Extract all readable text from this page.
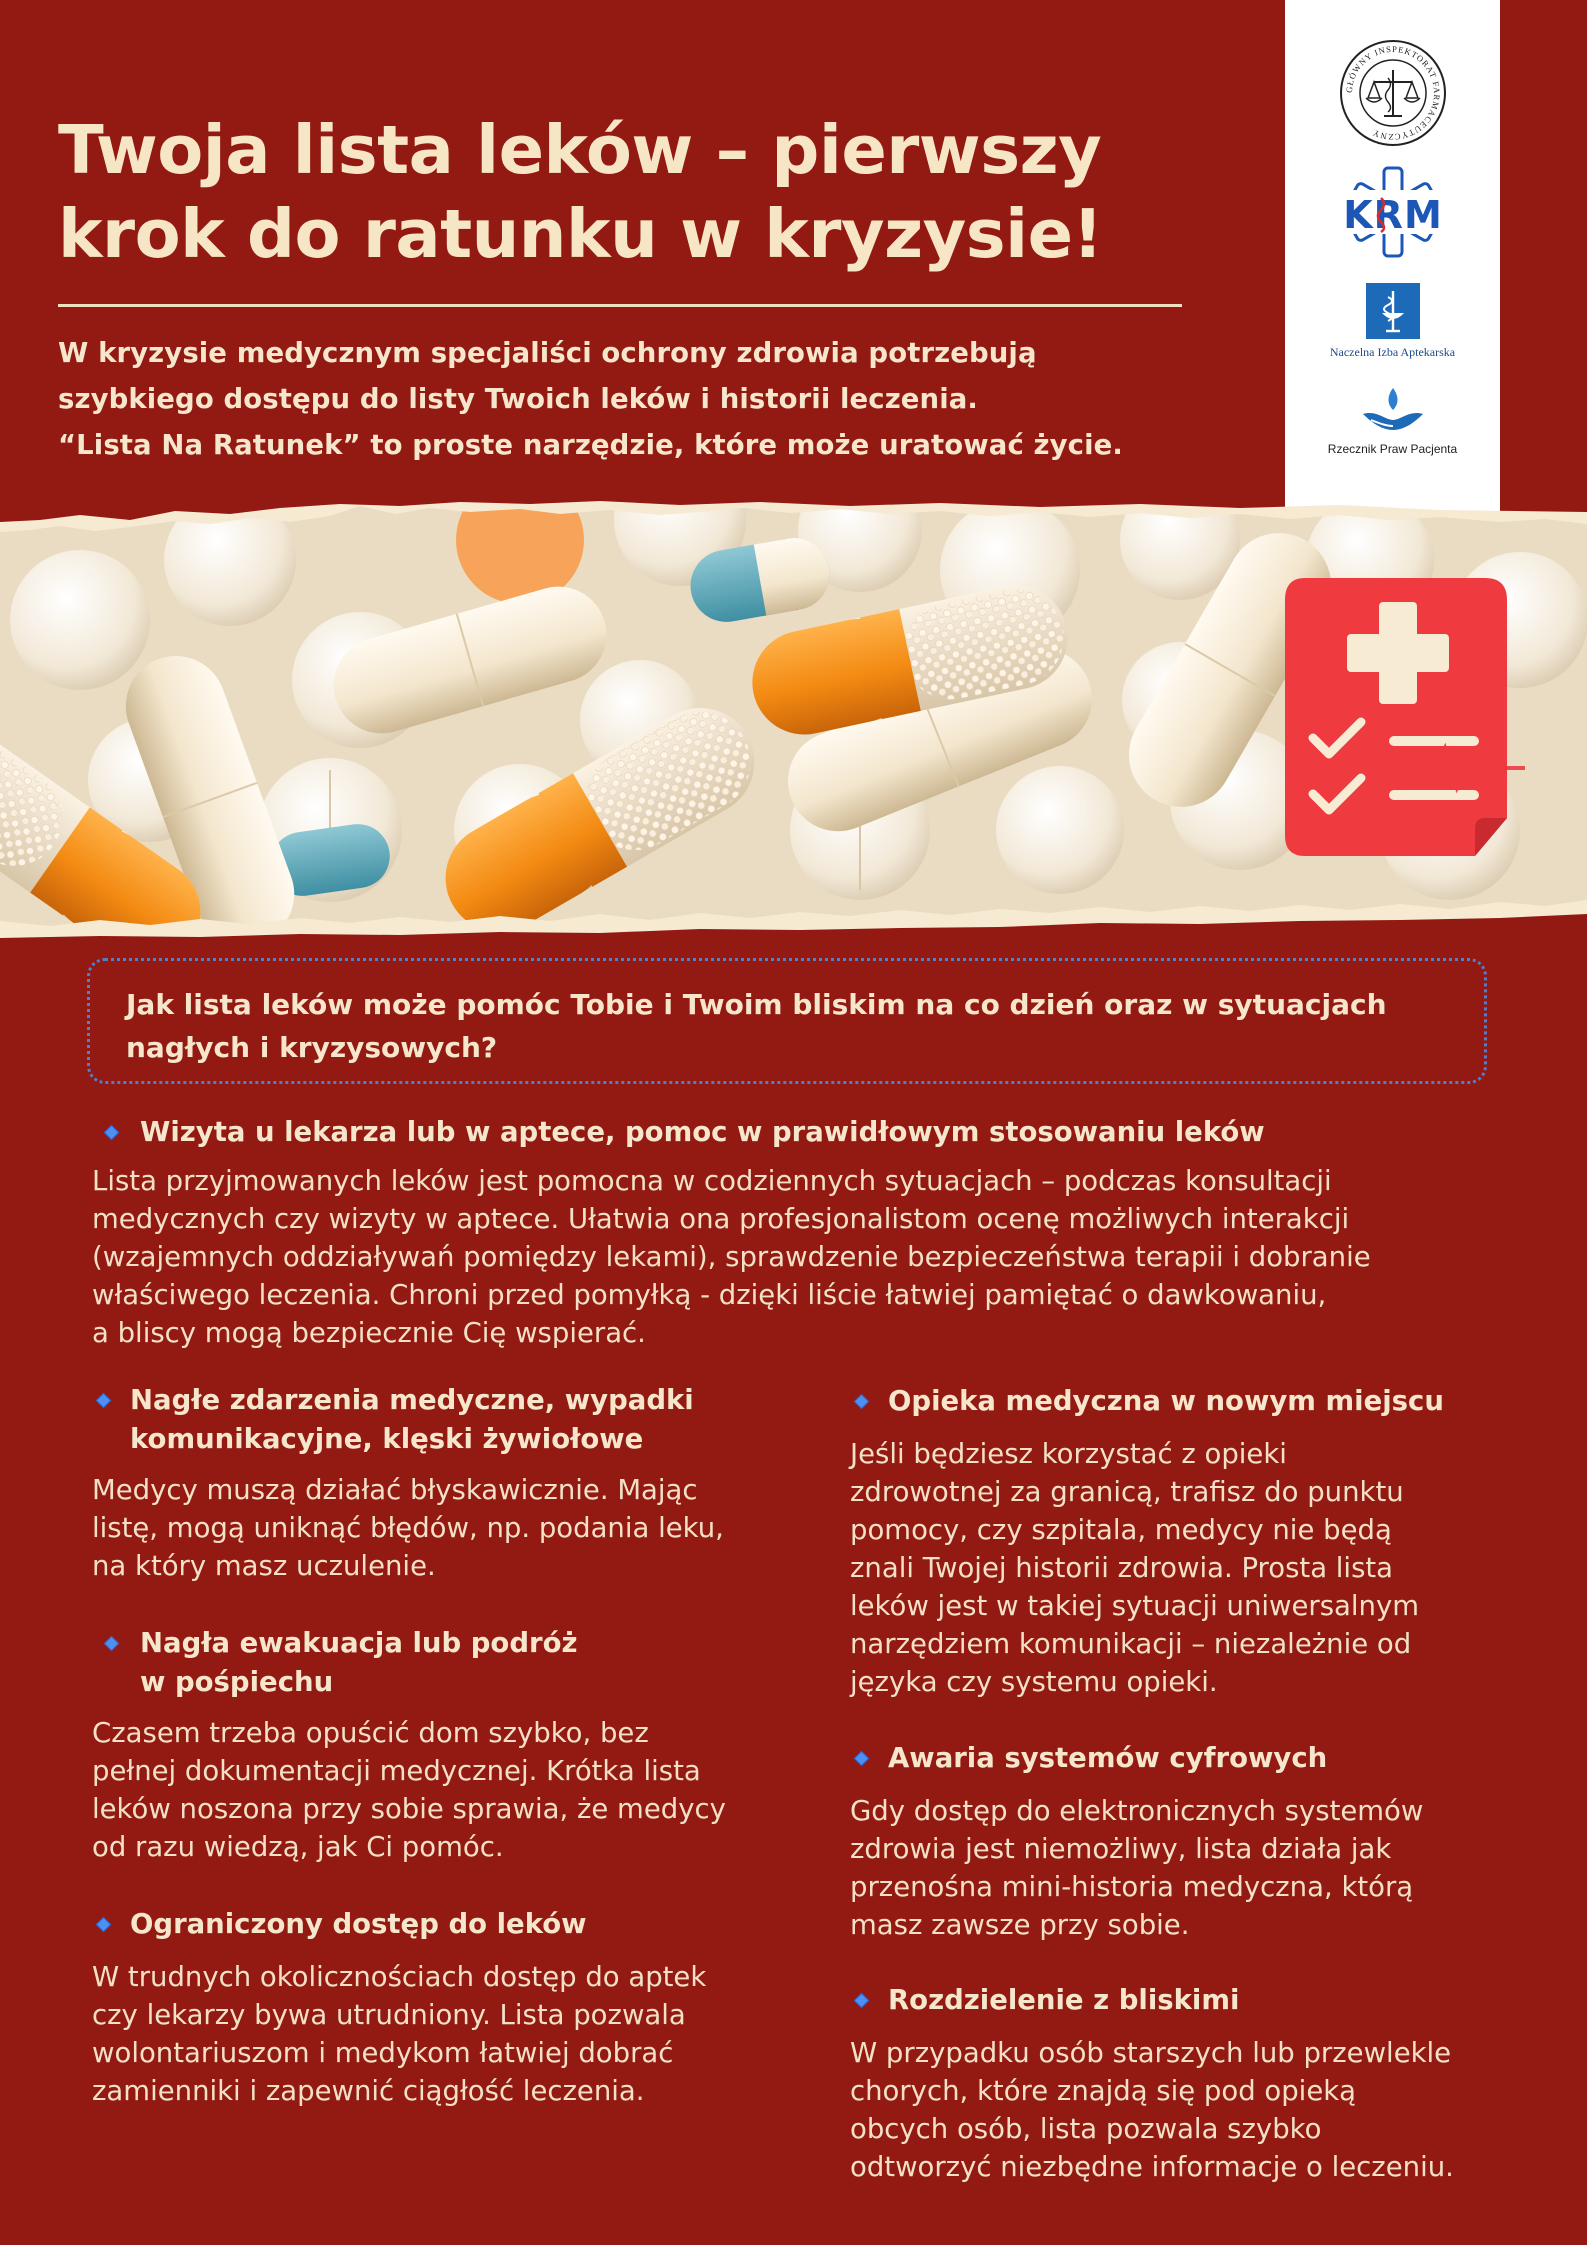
Twoja lista leków – pierwszy
krok do ratunku w kryzysie!

W kryzysie medycznym specjaliści ochrony zdrowia potrzebują
szybkiego dostępu do listy Twoich leków i historii leczenia.
“Lista Na Ratunek” to proste narzędzie, które może uratować życie.

GŁÓWNY INSPEKTORAT FARMACEUTYCZNY
KRM
Naczelna Izba Aptekarska
Rzecznik Praw Pacjenta

Jak lista leków może pomóc Tobie i Twoim bliskim na co dzień oraz w sytuacjach
nagłych i kryzysowych?

Wizyta u lekarza lub w aptece, pomoc w prawidłowym stosowaniu leków

Lista przyjmowanych leków jest pomocna w codziennych sytuacjach – podczas konsultacji
medycznych czy wizyty w aptece. Ułatwia ona profesjonalistom ocenę możliwych interakcji
(wzajemnych oddziaływań pomiędzy lekami), sprawdzenie bezpieczeństwa terapii i dobranie
właściwego leczenia. Chroni przed pomyłką - dzięki liście łatwiej pamiętać o dawkowaniu,
a bliscy mogą bezpiecznie Cię wspierać.

Nagłe zdarzenia medyczne, wypadki
komunikacyjne, klęski żywiołowe

Medycy muszą działać błyskawicznie. Mając
listę, mogą uniknąć błędów, np. podania leku,
na który masz uczulenie.

Nagła ewakuacja lub podróż
w pośpiechu

Czasem trzeba opuścić dom szybko, bez
pełnej dokumentacji medycznej. Krótka lista
leków noszona przy sobie sprawia, że medycy
od razu wiedzą, jak Ci pomóc.

Ograniczony dostęp do leków

W trudnych okolicznościach dostęp do aptek
czy lekarzy bywa utrudniony. Lista pozwala
wolontariuszom i medykom łatwiej dobrać
zamienniki i zapewnić ciągłość leczenia.

Opieka medyczna w nowym miejscu

Jeśli będziesz korzystać z opieki
zdrowotnej za granicą, trafisz do punktu
pomocy, czy szpitala, medycy nie będą
znali Twojej historii zdrowia. Prosta lista
leków jest w takiej sytuacji uniwersalnym
narzędziem komunikacji – niezależnie od
języka czy systemu opieki.

Awaria systemów cyfrowych

Gdy dostęp do elektronicznych systemów
zdrowia jest niemożliwy, lista działa jak
przenośna mini-historia medyczna, którą
masz zawsze przy sobie.

Rozdzielenie z bliskimi

W przypadku osób starszych lub przewlekle
chorych, które znajdą się pod opieką
obcych osób, lista pozwala szybko
odtworzyć niezbędne informacje o leczeniu.
